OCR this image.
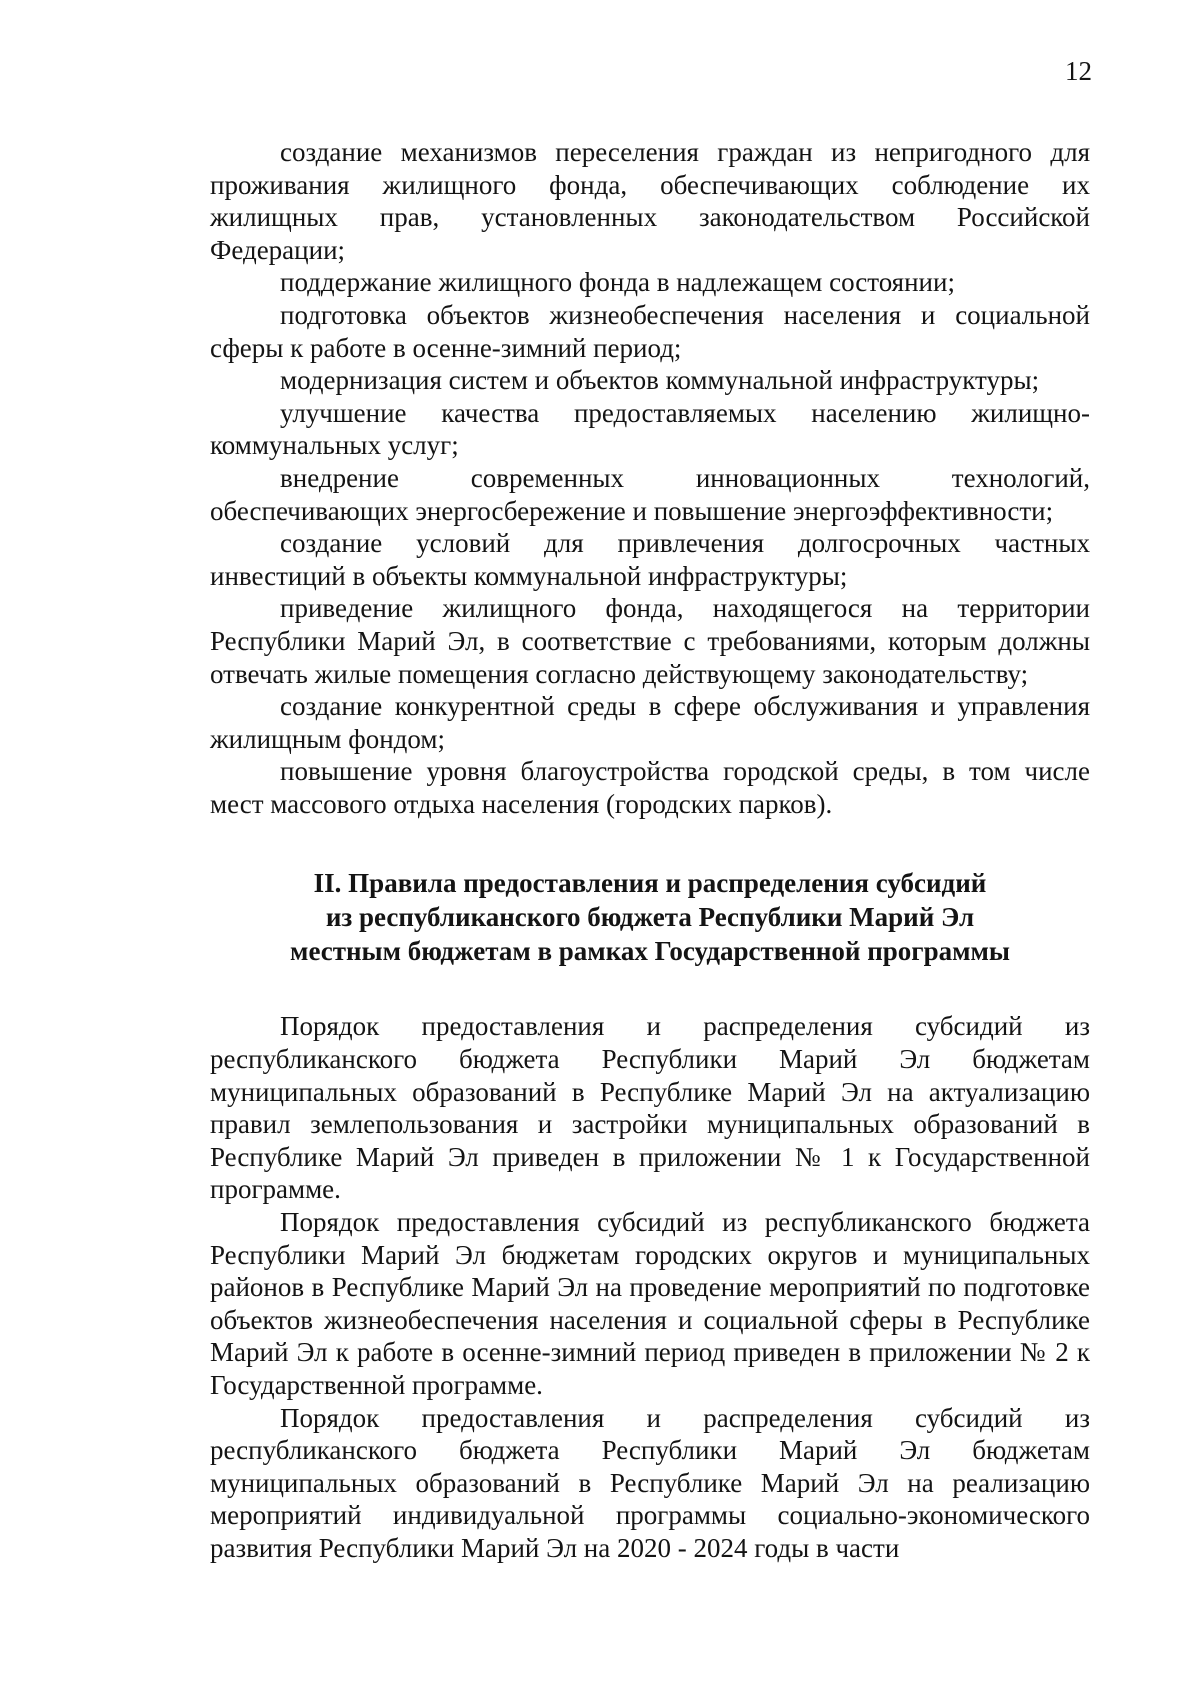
12

создание механизмов переселения граждан из непригодного для проживания жилищного фонда, обеспечивающих соблюдение их жилищных прав, установленных законодательством Российской Федерации;

поддержание жилищного фонда в надлежащем состоянии;

подготовка объектов жизнеобеспечения населения и социальной сферы к работе в осенне-зимний период;

модернизация систем и объектов коммунальной инфраструктуры;

улучшение качества предоставляемых населению жилищно-коммунальных услуг;

внедрение современных инновационных технологий, обеспечивающих энергосбережение и повышение энергоэффективности;

создание условий для привлечения долгосрочных частных инвестиций в объекты коммунальной инфраструктуры;

приведение жилищного фонда, находящегося на территории Республики Марий Эл, в соответствие с требованиями, которым должны отвечать жилые помещения согласно действующему законодательству;

создание конкурентной среды в сфере обслуживания и управления жилищным фондом;

повышение уровня благоустройства городской среды, в том числе мест массового отдыха населения (городских парков).

II. Правила предоставления и распределения субсидий
из республиканского бюджета Республики Марий Эл
местным бюджетам в рамках Государственной программы

Порядок предоставления и распределения субсидий из республиканского бюджета Республики Марий Эл бюджетам муниципальных образований в Республике Марий Эл на актуализацию правил землепользования и застройки муниципальных образований в Республике Марий Эл приведен в приложении № 1 к Государственной программе.

Порядок предоставления субсидий из республиканского бюджета Республики Марий Эл бюджетам городских округов и муниципальных районов в Республике Марий Эл на проведение мероприятий по подготовке объектов жизнеобеспечения населения и социальной сферы в Республике Марий Эл к работе в осенне-зимний период приведен в приложении № 2 к Государственной программе.

Порядок предоставления и распределения субсидий из республиканского бюджета Республики Марий Эл бюджетам муниципальных образований в Республике Марий Эл на реализацию мероприятий индивидуальной программы социально-экономического развития Республики Марий Эл на 2020 - 2024 годы в части
